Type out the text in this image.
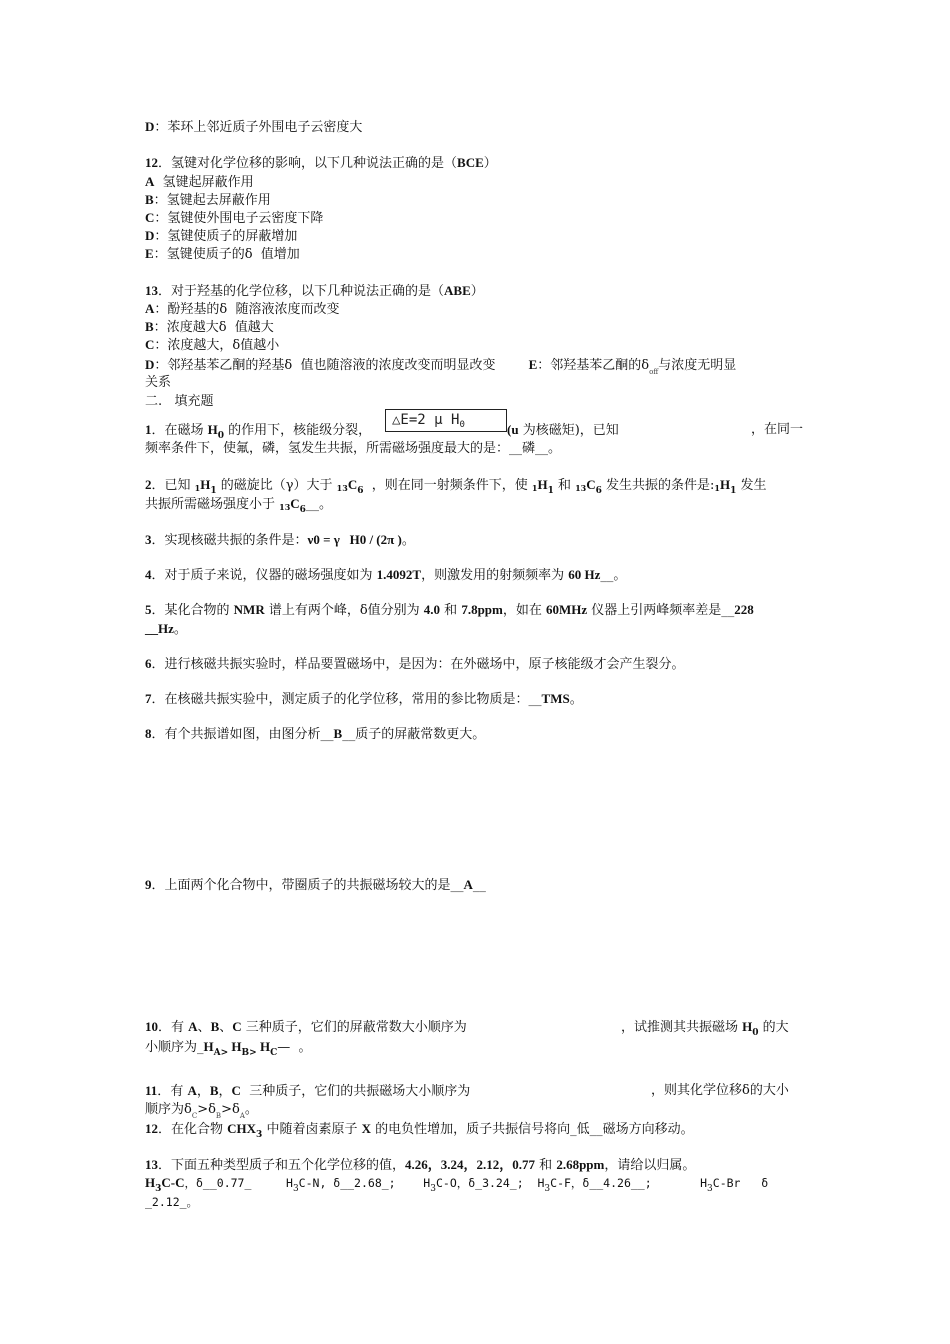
D：苯环上邻近质子外围电子云密度大
12．氢键对化学位移的影响，以下几种说法正确的是（BCE）
A  氢键起屏蔽作用
B：氢键起去屏蔽作用
C：氢键使外围电子云密度下降
D：氢键使质子的屏蔽增加
E：氢键使质子的δ  值增加
13．对于羟基的化学位移，以下几种说法正确的是（ABE）
A：酚羟基的δ  随溶液浓度而改变
B：浓度越大δ  值越大
C：浓度越大，δ值越小
D：邻羟基苯乙酮的羟基δ  值也随溶液的浓度改变而明显改变	E：邻羟基苯乙酮的$\delta_{off}$与浓度无明显
关系
二.   填充题
1．在磁场 $H_0$ 的作用下，核能级分裂，
△E=2 μ $H_0$	(u 为核磁矩)，已知	，在同一
频率条件下，使氟，磷，氢发生共振，所需磁场强度最大的是：__磷__。
2．已知 $_1H_1$ 的磁旋比（γ）大于 $_{13}C_6$  ，则在同一射频条件下，使 $_1H_1$ 和 $_{13}C_6$ 发生共振的条件是$:_1H_1$ 发生
共振所需磁场强度小于 $_{13}C_6\_\_$。
3．实现核磁共振的条件是：ν0 = γ   H0 / (2π )。
4．对于质子来说，仪器的磁场强度如为 1.4092T，则激发用的射频频率为 60 Hz__。
5．某化合物的 NMR 谱上有两个峰，δ值分别为 4.0 和 7.8ppm，如在 60MHz 仪器上引两峰频率差是__228
__Hz。
6．进行核磁共振实验时，样品要置磁场中，是因为：在外磁场中，原子核能级才会产生裂分。
7．在核磁共振实验中，测定质子的化学位移，常用的参比物质是：__TMS。
8．有个共振谱如图，由图分析__B__质子的屏蔽常数更大。
9．上面两个化合物中，带圈质子的共振磁场较大的是__A__
10．有 A、B、C 三种质子，它们的屏蔽常数大小顺序为	，试推测其共振磁场 $H_0$ 的大
小顺序为$\_H_{A>}$ $H_{B>}$ $H_C—$  。
11．有 A，B，C  三种质子，它们的共振磁场大小顺序为	，则其化学位移δ的大小
顺序为$\delta_C>\delta_B>\delta_A$。
12．在化合物 $CHX_3$ 中随着卤素原子 X 的电负性增加，质子共振信号将向_低__磁场方向移动。
13．下面五种类型质子和五个化学位移的值，4.26，3.24，2.12，0.77 和 2.68ppm，请给以归属。
$H_3C-C$，δ__0.77_     $H_3C-N$, δ__2.68_;    $H_3C-O$，δ_3.24_;  $H_3C-F$，δ__4.26__;       $H_3C-Br$   δ
_2.12_。
